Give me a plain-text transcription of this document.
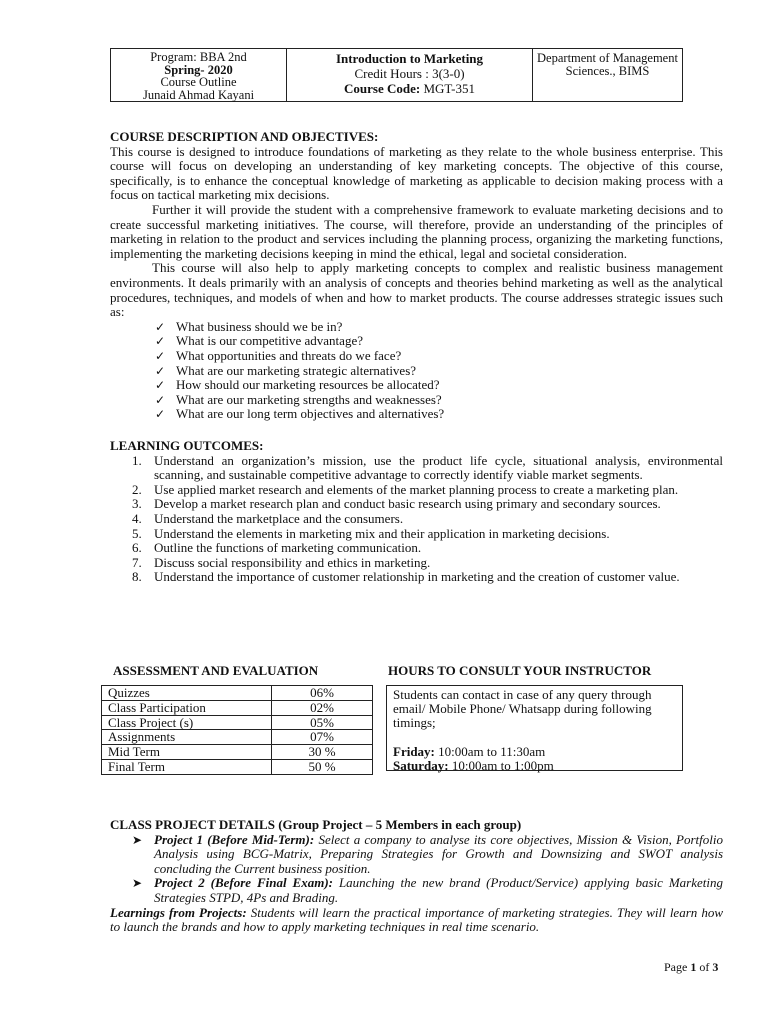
Program: BBA 2nd
Spring- 2020
Course Outline
Junaid Ahmad Kayani
Introduction to Marketing
Credit Hours : 3(3-0)
Course Code: MGT-351
Department of Management Sciences., BIMS
COURSE DESCRIPTION AND OBJECTIVES:

This course is designed to introduce foundations of marketing as they relate to the whole business enterprise. This course will focus on developing an understanding of key marketing concepts. The objective of this course, specifically, is to enhance the conceptual knowledge of marketing as applicable to decision making process with a focus on tactical marketing mix decisions.

Further it will provide the student with a comprehensive framework to evaluate marketing decisions and to create successful marketing initiatives. The course, will therefore, provide an understanding of the principles of marketing in relation to the product and services including the planning process, organizing the marketing functions, implementing the marketing decisions keeping in mind the ethical, legal and societal consideration.

This course will also help to apply marketing concepts to complex and realistic business management environments. It deals primarily with an analysis of concepts and theories behind marketing as well as the analytical procedures, techniques, and models of when and how to market products. The course addresses strategic issues such as:

✓ What business should we be in?
✓ What is our competitive advantage?
✓ What opportunities and threats do we face?
✓ What are our marketing strategic alternatives?
✓ How should our marketing resources be allocated?
✓ What are our marketing strengths and weaknesses?
✓ What are our long term objectives and alternatives?
LEARNING OUTCOMES:
1. Understand an organization’s mission, use the product life cycle, situational analysis, environmental scanning, and sustainable competitive advantage to correctly identify viable market segments.
2. Use applied market research and elements of the market planning process to create a marketing plan.
3. Develop a market research plan and conduct basic research using primary and secondary sources.
4. Understand the marketplace and the consumers.
5. Understand the elements in marketing mix and their application in marketing decisions.
6. Outline the functions of marketing communication.
7. Discuss social responsibility and ethics in marketing.
8. Understand the importance of customer relationship in marketing and the creation of customer value.
ASSESSMENT AND EVALUATION
Quizzes	06%
Class Participation	02%
Class Project (s)	05%
Assignments	07%
Mid Term	30 %
Final Term	50 %
HOURS TO CONSULT YOUR INSTRUCTOR
Students can contact in case of any query through email/ Mobile Phone/ Whatsapp during following timings;
Friday: 10:00am to 11:30am
Saturday: 10:00am to 1:00pm
CLASS PROJECT DETAILS (Group Project – 5 Members in each group)
➤ Project 1 (Before Mid-Term): Select a company to analyse its core objectives, Mission & Vision, Portfolio Analysis using BCG-Matrix, Preparing Strategies for Growth and Downsizing and SWOT analysis concluding the Current business position.
➤ Project 2 (Before Final Exam): Launching the new brand (Product/Service) applying basic Marketing Strategies STPD, 4Ps and Brading.

Learnings from Projects: Students will learn the practical importance of marketing strategies. They will learn how to launch the brands and how to apply marketing techniques in real time scenario.

Page 1 of 3
